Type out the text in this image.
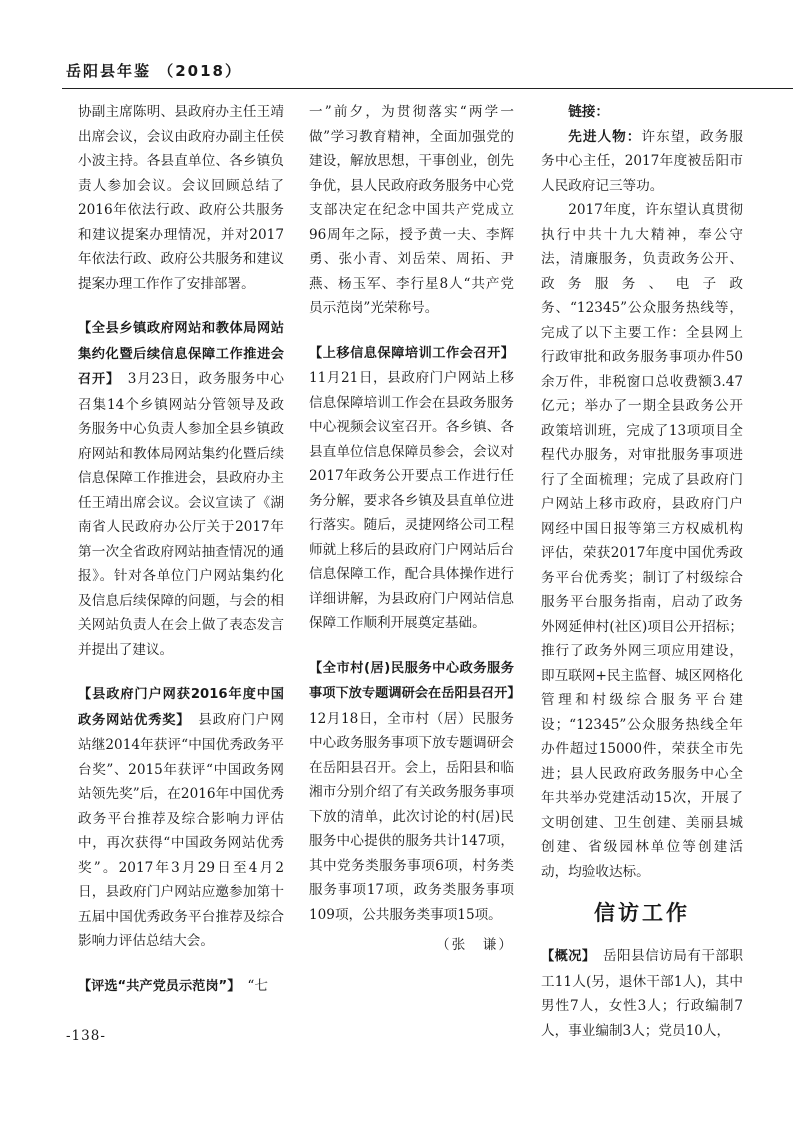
岳阳县年鉴 （2018）

协副主席陈明、县政府办主任王靖出席会议，会议由政府办副主任侯小波主持。各县直单位、各乡镇负责人参加会议。会议回顾总结了2016年依法行政、政府公共服务和建议提案办理情况，并对2017年依法行政、政府公共服务和建议提案办理工作作了安排部署。

【全县乡镇政府网站和教体局网站集约化暨后续信息保障工作推进会召开】　 3月23日，政务服务中心召集14个乡镇网站分管领导及政务服务中心负责人参加全县乡镇政府网站和教体局网站集约化暨后续信息保障工作推进会，县政府办主任王靖出席会议。会议宣读了《湖南省人民政府办公厅关于2017年第一次全省政府网站抽查情况的通报》。针对各单位门户网站集约化及信息后续保障的问题，与会的相关网站负责人在会上做了表态发言并提出了建议。

【县政府门户网获2016年度中国政务网站优秀奖】　 县政府门户网站继2014年获评“中国优秀政务平台奖”、2015年获评“中国政务网站领先奖”后，在2016年中国优秀政务平台推荐及综合影响力评估中，再次获得“中国政务网站优秀奖”。2017年3月29日至4月2日，县政府门户网站应邀参加第十五届中国优秀政务平台推荐及综合影响力评估总结大会。

【评选“共产党员示范岗”】　 “七

一”前夕，为贯彻落实“两学一做”学习教育精神，全面加强党的建设，解放思想，干事创业，创先争优，县人民政府政务服务中心党支部决定在纪念中国共产党成立96周年之际，授予黄一夫、李辉勇、张小青、刘岳荣、周拓、尹燕、杨玉军、李行星8人“共产党员示范岗”光荣称号。

【上移信息保障培训工作会召开】11月21日，县政府门户网站上移信息保障培训工作会在县政务服务中心视频会议室召开。各乡镇、各县直单位信息保障员参会，会议对2017年政务公开要点工作进行任务分解，要求各乡镇及县直单位进行落实。随后，灵捷网络公司工程师就上移后的县政府门户网站后台信息保障工作，配合具体操作进行详细讲解，为县政府门户网站信息保障工作顺利开展奠定基础。

【全市村(居)民服务中心政务服务事项下放专题调研会在岳阳县召开】　12月18日，全市村（居）民服务中心政务服务事项下放专题调研会在岳阳县召开。会上，岳阳县和临湘市分别介绍了有关政务服务事项下放的清单，此次讨论的村(居)民服务中心提供的服务共计147项，其中党务类服务事项6项，村务类服务事项17项，政务类服务事项109项，公共服务类事项15项。

（张　谦）

链接：

先进人物：许东望，政务服务中心主任，2017年度被岳阳市人民政府记三等功。

2017年度，许东望认真贯彻执行中共十九大精神，奉公守法，清廉服务，负责政务公开、政务服务、电子政务、“12345”公众服务热线等，完成了以下主要工作：全县网上行政审批和政务服务事项办件50余万件，非税窗口总收费额3.47亿元；举办了一期全县政务公开政策培训班，完成了13项项目全程代办服务，对审批服务事项进行了全面梳理；完成了县政府门户网站上移市政府，县政府门户网经中国日报等第三方权威机构评估，荣获2017年度中国优秀政务平台优秀奖；制订了村级综合服务平台服务指南，启动了政务外网延伸村(社区)项目公开招标；推行了政务外网三项应用建设，即互联网+民主监督、城区网格化管理和村级综合服务平台建设；“12345”公众服务热线全年办件超过15000件，荣获全市先进；县人民政府政务服务中心全年共举办党建活动15次，开展了文明创建、卫生创建、美丽县城创建、省级园林单位等创建活动，均验收达标。

信访工作

【概况】　 岳阳县信访局有干部职工11人(另，退休干部1人)，其中男性7人，女性3人；行政编制7人，事业编制3人；党员10人，

-138-
